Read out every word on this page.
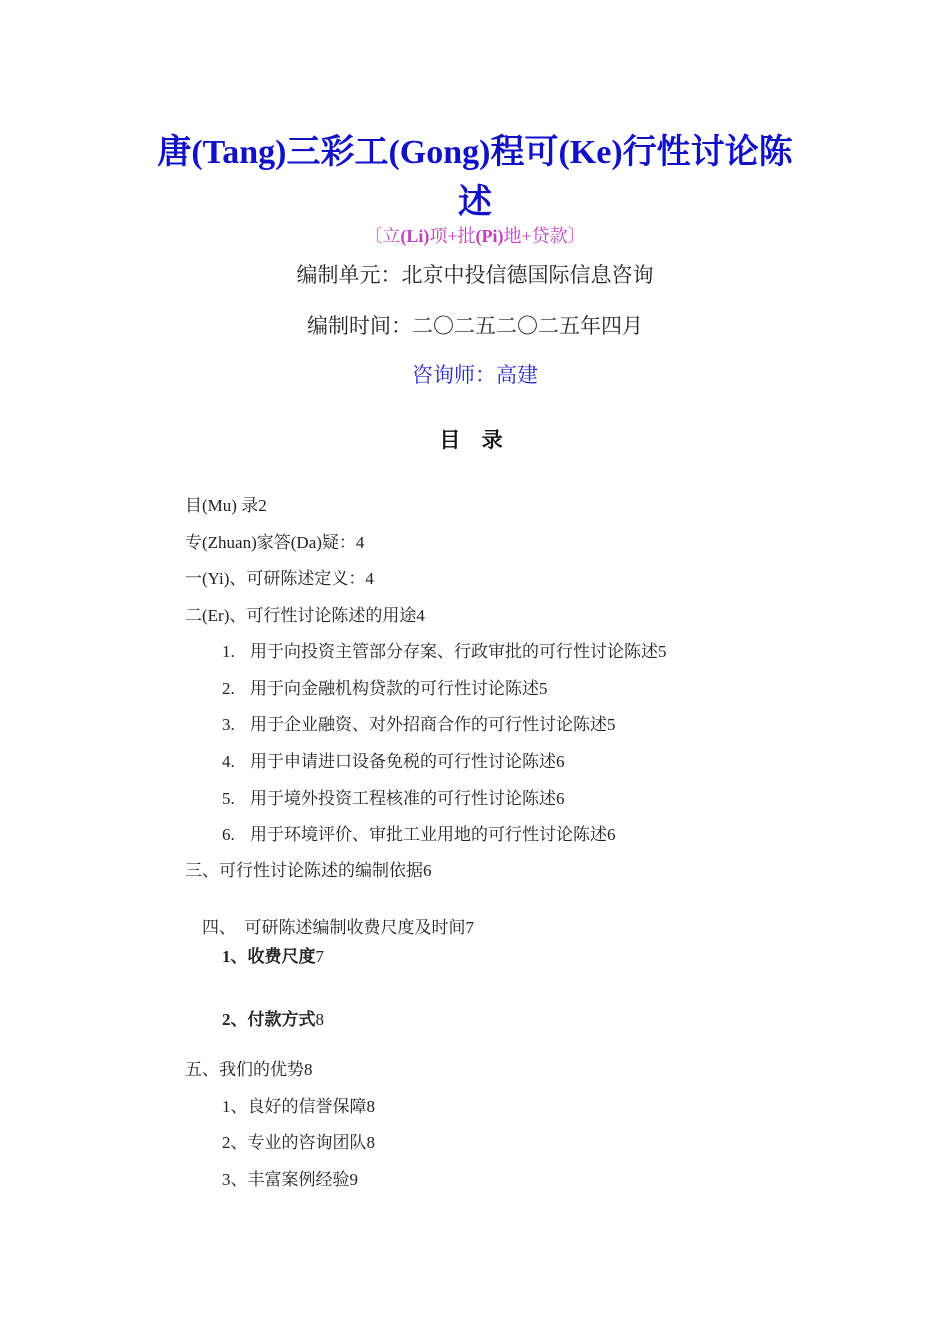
唐(Tang)三彩工(Gong)程可(Ke)行性讨论陈
述
〔立(Li)项+批(Pi)地+贷款〕
编制单元：北京中投信德国际信息咨询
编制时间：二〇二五二〇二五年四月
咨询师：高建
目 录
目(Mu) 录2
专(Zhuan)家答(Da)疑：4
一(Yi)、可研陈述定义：4
二(Er)、可行性讨论陈述的用途4
1. 用于向投资主管部分存案、行政审批的可行性讨论陈述5
2. 用于向金融机构贷款的可行性讨论陈述5
3. 用于企业融资、对外招商合作的可行性讨论陈述5
4. 用于申请进口设备免税的可行性讨论陈述6
5. 用于境外投资工程核准的可行性讨论陈述6
6. 用于环境评价、审批工业用地的可行性讨论陈述6
三、可行性讨论陈述的编制依据6

四、  可研陈述编制收费尺度及时间7

1、收费尺度7
2、付款方式8
五、我们的优势8
1、良好的信誉保障8
2、专业的咨询团队8
3、丰富案例经验9
